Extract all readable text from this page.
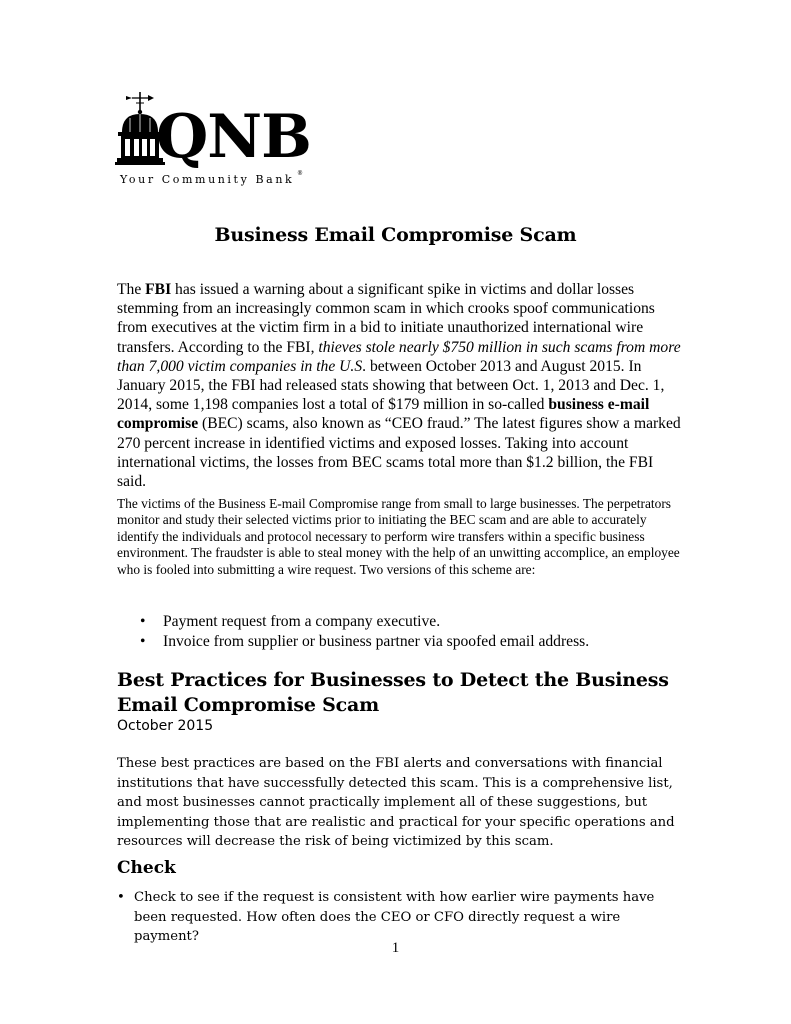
QNB
Your Community Bank ®
Business Email Compromise Scam

The FBI has issued a warning about a significant spike in victims and dollar losses stemming from an increasingly common scam in which crooks spoof communications from executives at the victim firm in a bid to initiate unauthorized international wire transfers. According to the FBI, thieves stole nearly $750 million in such scams from more than 7,000 victim companies in the U.S. between October 2013 and August 2015. In January 2015, the FBI had released stats showing that between Oct. 1, 2013 and Dec. 1, 2014, some 1,198 companies lost a total of $179 million in so-called business e-mail compromise (BEC) scams, also known as “CEO fraud.” The latest figures show a marked 270 percent increase in identified victims and exposed losses. Taking into account international victims, the losses from BEC scams total more than $1.2 billion, the FBI said.

The victims of the Business E-mail Compromise range from small to large businesses. The perpetrators monitor and study their selected victims prior to initiating the BEC scam and are able to accurately identify the individuals and protocol necessary to perform wire transfers within a specific business environment. The fraudster is able to steal money with the help of an unwitting accomplice, an employee who is fooled into submitting a wire request. Two versions of this scheme are:

• Payment request from a company executive.
• Invoice from supplier or business partner via spoofed email address.
Best Practices for Businesses to Detect the Business Email Compromise Scam
October 2015

These best practices are based on the FBI alerts and conversations with financial institutions that have successfully detected this scam. This is a comprehensive list, and most businesses cannot practically implement all of these suggestions, but implementing those that are realistic and practical for your specific operations and resources will decrease the risk of being victimized by this scam.

Check
• Check to see if the request is consistent with how earlier wire payments have been requested. How often does the CEO or CFO directly request a wire payment?
1
